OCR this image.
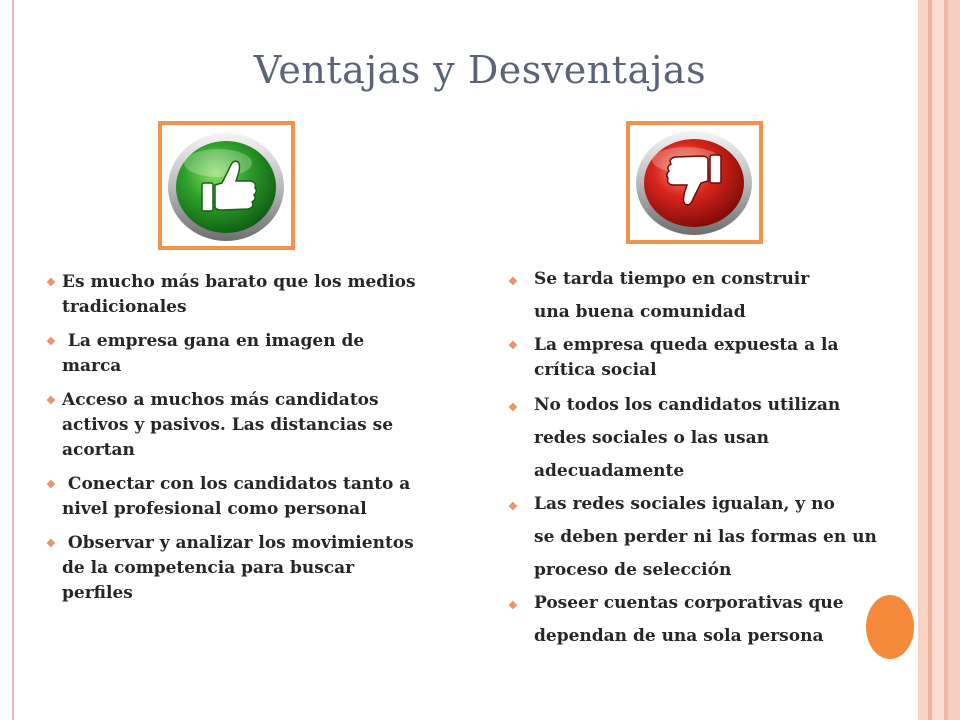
Ventajas y Desventajas
❖ Es mucho más barato que los medios tradicionales
❖ La empresa gana en imagen de marca
❖ Acceso a muchos más candidatos activos y pasivos. Las distancias se acortan
❖ Conectar con los candidatos tanto a nivel profesional como personal
❖ Observar y analizar los movimientos de la competencia para buscar perfiles
❖ Se tarda tiempo en construir
una buena comunidad
❖ La empresa queda expuesta a la crítica social
❖ No todos los candidatos utilizan
redes sociales o las usan
adecuadamente
❖ Las redes sociales igualan, y no
se deben perder ni las formas en un
proceso de selección
❖ Poseer cuentas corporativas que
dependan de una sola persona
